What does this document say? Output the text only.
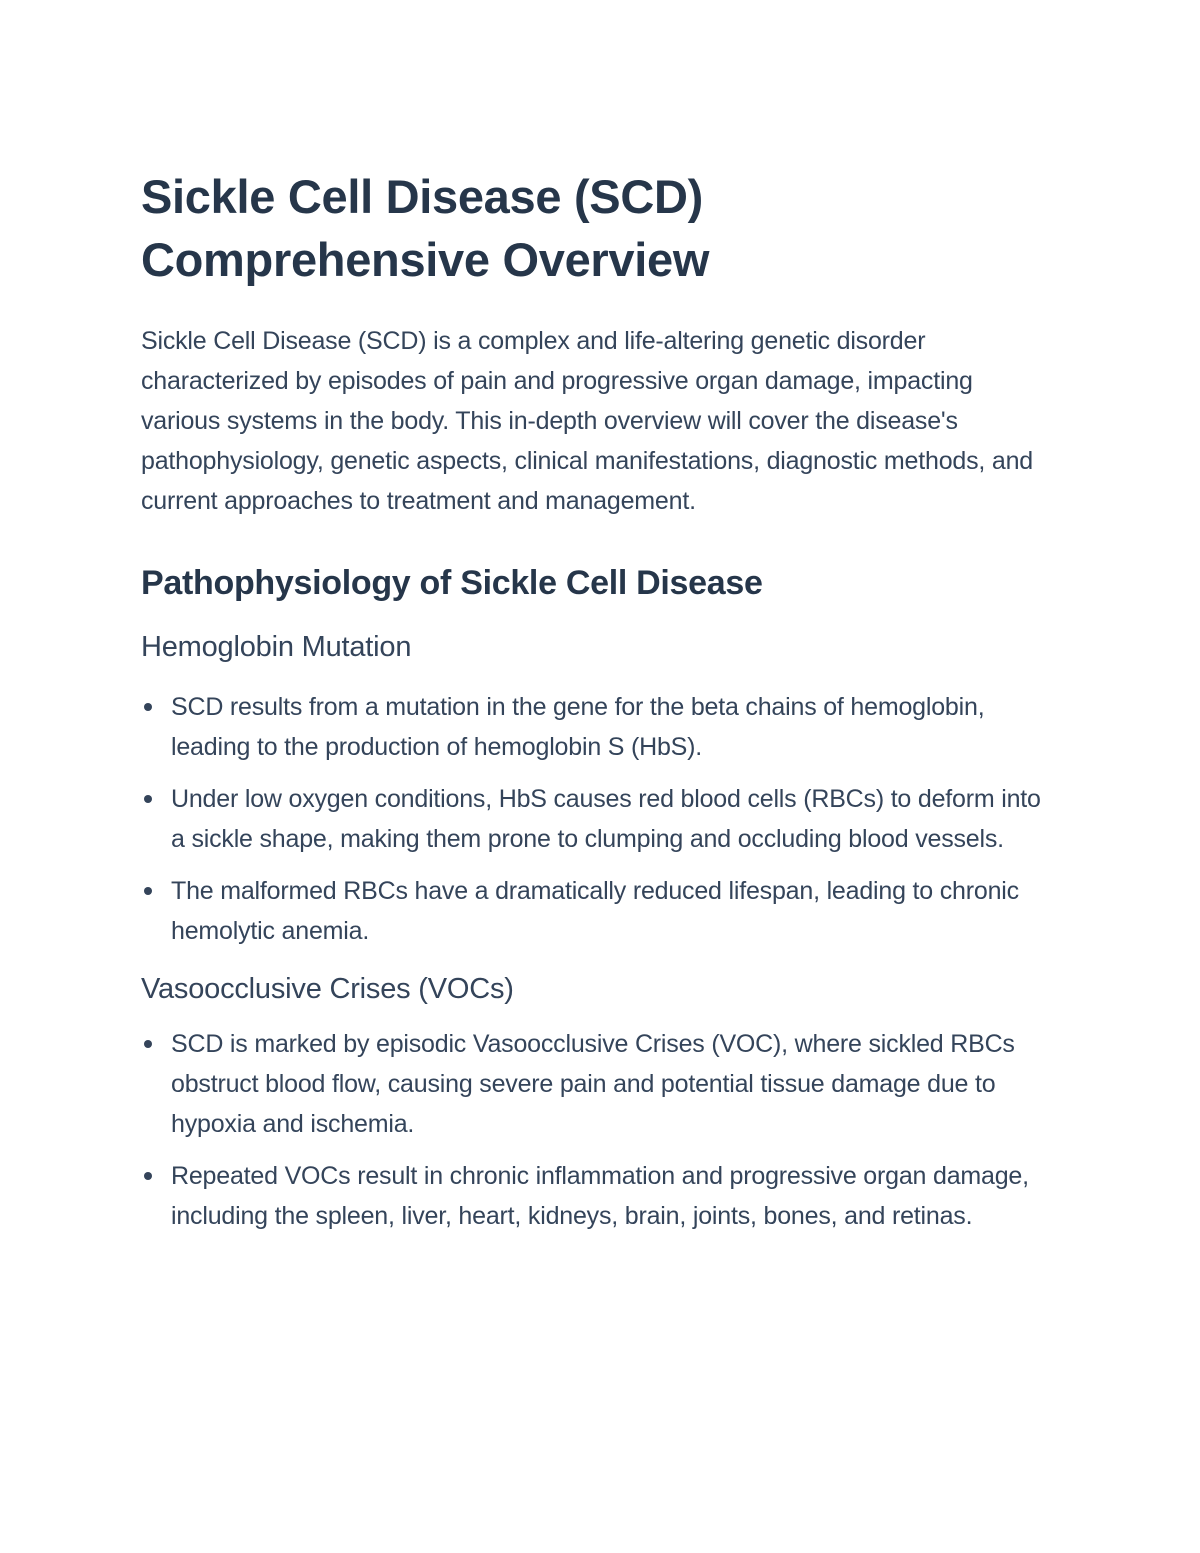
Sickle Cell Disease (SCD)
Comprehensive Overview

Sickle Cell Disease (SCD) is a complex and life-altering genetic disorder characterized by episodes of pain and progressive organ damage, impacting various systems in the body. This in-depth overview will cover the disease's pathophysiology, genetic aspects, clinical manifestations, diagnostic methods, and current approaches to treatment and management.

Pathophysiology of Sickle Cell Disease
Hemoglobin Mutation
SCD results from a mutation in the gene for the beta chains of hemoglobin, leading to the production of hemoglobin S (HbS).
Under low oxygen conditions, HbS causes red blood cells (RBCs) to deform into a sickle shape, making them prone to clumping and occluding blood vessels.
The malformed RBCs have a dramatically reduced lifespan, leading to chronic hemolytic anemia.
Vasoocclusive Crises (VOCs)
SCD is marked by episodic Vasoocclusive Crises (VOC), where sickled RBCs obstruct blood flow, causing severe pain and potential tissue damage due to hypoxia and ischemia.
Repeated VOCs result in chronic inflammation and progressive organ damage, including the spleen, liver, heart, kidneys, brain, joints, bones, and retinas.
